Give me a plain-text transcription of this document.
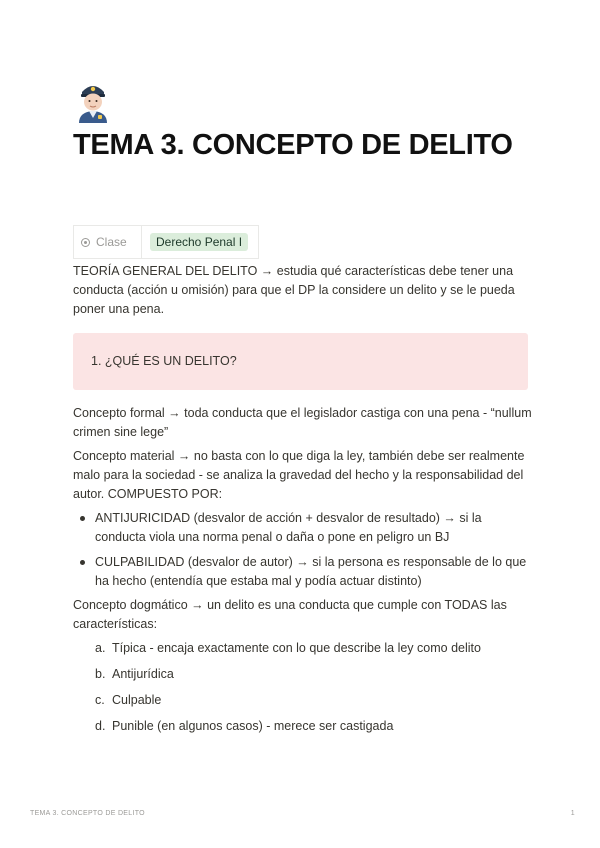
TEMA 3. CONCEPTO DE DELITO
Clase	Derecho Penal I

TEORÍA GENERAL DEL DELITO → estudia qué características debe tener una conducta (acción u omisión) para que el DP la considere un delito y se le pueda poner una pena.

1. ¿QUÉ ES UN DELITO?

Concepto formal → toda conducta que el legislador castiga con una pena - “nullum crimen sine lege”

Concepto material → no basta con lo que diga la ley, también debe ser realmente malo para la sociedad - se analiza la gravedad del hecho y la responsabilidad del autor. COMPUESTO POR:

ANTIJURICIDAD (desvalor de acción + desvalor de resultado) → si la conducta viola una norma penal o daña o pone en peligro un BJ
CULPABILIDAD (desvalor de autor) → si la persona es responsable de lo que ha hecho (entendía que estaba mal y podía actuar distinto)

Concepto dogmático → un delito es una conducta que cumple con TODAS las características:

a. Típica - encaja exactamente con lo que describe la ley como delito
b. Antijurídica
c. Culpable
d. Punible (en algunos casos) - merece ser castigada
TEMA 3. CONCEPTO DE DELITO	1
